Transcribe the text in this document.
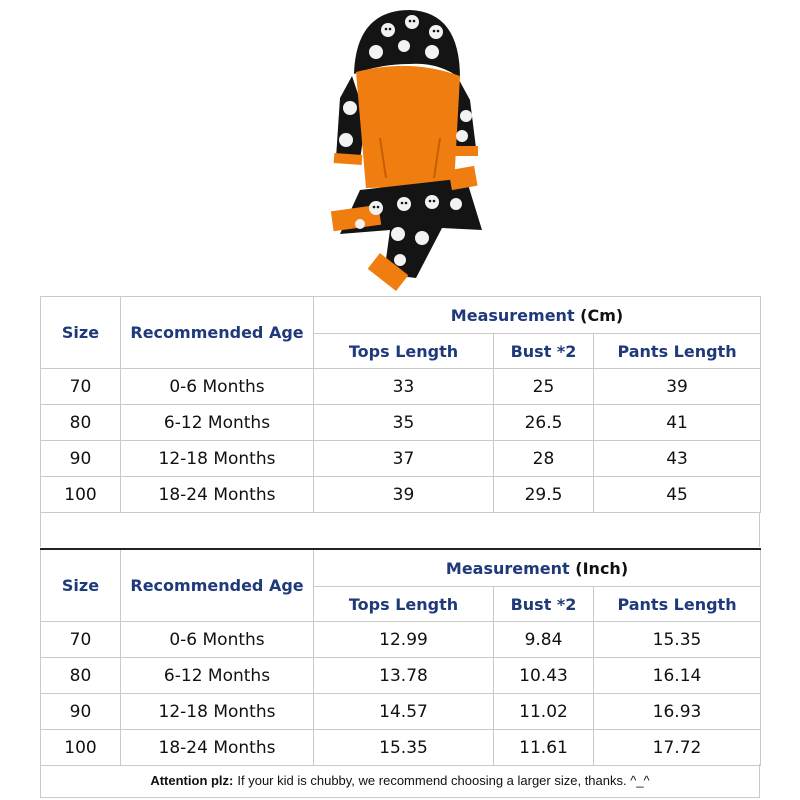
Size	Recommended Age	Measurement (Cm)		
		Tops Length	Bust *2	Pants Length
70	0-6 Months	33	25	39
80	6-12 Months	35	26.5	41
90	12-18 Months	37	28	43
100	18-24 Months	39	29.5	45
Size	Recommended Age	Measurement (Inch)		
		Tops Length	Bust *2	Pants Length
70	0-6 Months	12.99	9.84	15.35
80	6-12 Months	13.78	10.43	16.14
90	12-18 Months	14.57	11.02	16.93
100	18-24 Months	15.35	11.61	17.72
Attention plz: If your kid is chubby, we recommend choosing a larger size, thanks. ^_^
